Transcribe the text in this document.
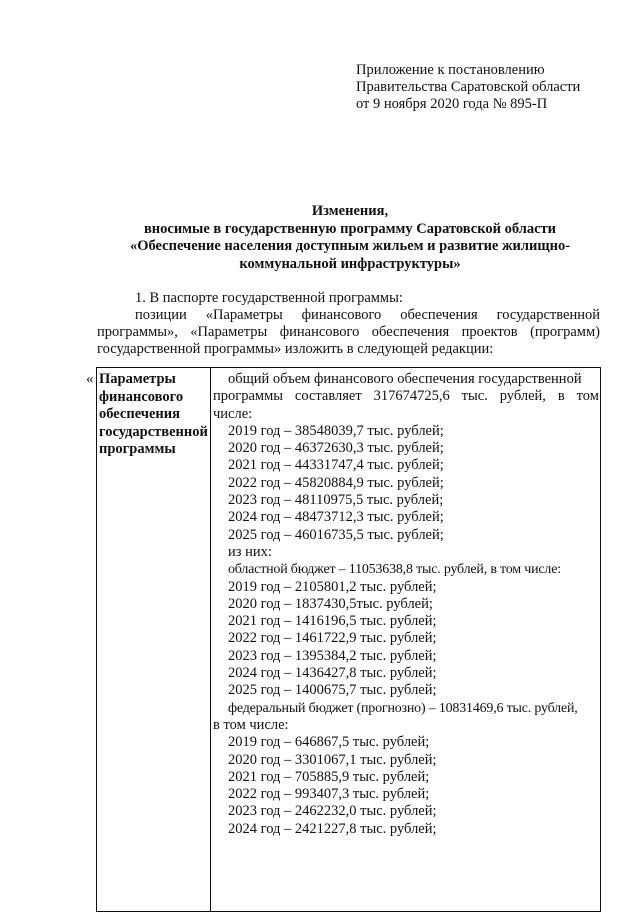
Приложение к постановлению
Правительства Саратовской области
от 9 ноября 2020 года № 895-П
Изменения,
вносимые в государственную программу Саратовской области
«Обеспечение населения доступным жильем и развитие жилищно-
коммунальной инфраструктуры»
1. В паспорте государственной программы:
позиции «Параметры финансового обеспечения государственной программы», «Параметры финансового обеспечения проектов (программ) государственной программы» изложить в следующей редакции:
« Параметры
финансового
обеспечения
государственной
программы
общий объем финансового обеспечения государственной
программы составляет 317674725,6 тыс. рублей, в том
числе:
2019 год – 38548039,7 тыс. рублей;
2020 год – 46372630,3 тыс. рублей;
2021 год – 44331747,4 тыс. рублей;
2022 год – 45820884,9 тыс. рублей;
2023 год – 48110975,5 тыс. рублей;
2024 год – 48473712,3 тыс. рублей;
2025 год – 46016735,5 тыс. рублей;
из них:
областной бюджет – 11053638,8 тыс. рублей, в том числе:
2019 год – 2105801,2 тыс. рублей;
2020 год – 1837430,5тыс. рублей;
2021 год – 1416196,5 тыс. рублей;
2022 год – 1461722,9 тыс. рублей;
2023 год – 1395384,2 тыс. рублей;
2024 год – 1436427,8 тыс. рублей;
2025 год – 1400675,7 тыс. рублей;
федеральный бюджет (прогнозно) – 10831469,6 тыс. рублей,
в том числе:
2019 год – 646867,5 тыс. рублей;
2020 год – 3301067,1 тыс. рублей;
2021 год – 705885,9 тыс. рублей;
2022 год – 993407,3 тыс. рублей;
2023 год – 2462232,0 тыс. рублей;
2024 год – 2421227,8 тыс. рублей;
